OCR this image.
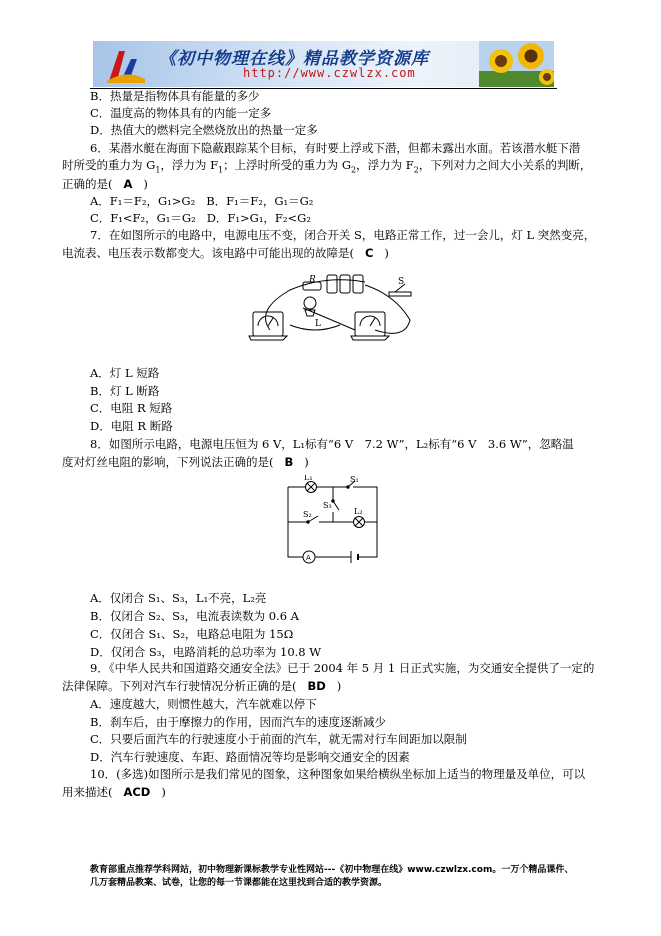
《初中物理在线》精品教学资源库
http://www.czwlzx.com
B．热量是指物体具有能量的多少
C．温度高的物体具有的内能一定多
D．热值大的燃料完全燃烧放出的热量一定多
6．某潜水艇在海面下隐蔽跟踪某个目标，有时要上浮或下潜，但都未露出水面。若该潜水艇下潜
时所受的重力为 $G_1$，浮力为 $F_1$；上浮时所受的重力为 $G_2$，浮力为 $F_2$，下列对力之间大小关系的判断，
正确的是( A )
A．F₁＝F₂，G₁>G₂ B．F₁＝F₂，G₁＝G₂
C．F₁<F₂，G₁＝G₂ D．F₁>G₁，F₂<G₂
7．在如图所示的电路中，电源电压不变，闭合开关 S，电路正常工作，过一会儿，灯 L 突然变亮，
电流表、电压表示数都变大。该电路中可能出现的故障是( C )
L
R	S
A．灯 L 短路
B．灯 L 断路
C．电阻 R 短路
D．电阻 R 断路
8．如图所示电路，电源电压恒为 6 V，L₁标有“6 V　7.2 W”，L₂标有“6 V　3.6 W”，忽略温
度对灯丝电阻的影响，下列说法正确的是( B )
L₁	S₁
S₂
S₃
L₂
A
A．仅闭合 S₁、S₃，L₁不亮，L₂亮
B．仅闭合 S₂、S₃，电流表读数为 0.6 A
C．仅闭合 S₁、S₂，电路总电阻为 15Ω
D．仅闭合 S₃，电路消耗的总功率为 10.8 W
9．《中华人民共和国道路交通安全法》已于 2004 年 5 月 1 日正式实施，为交通安全提供了一定的
法律保障。下列对汽车行驶情况分析正确的是( BD )
A．速度越大，则惯性越大，汽车就难以停下
B．刹车后，由于摩擦力的作用，因而汽车的速度逐渐减少
C．只要后面汽车的行驶速度小于前面的汽车，就无需对行车间距加以限制
D．汽车行驶速度、车距、路面情况等均是影响交通安全的因素
10．(多选)如图所示是我们常见的图象，这种图象如果给横纵坐标加上适当的物理量及单位，可以
用来描述( ACD )
教育部重点推荐学科网站，初中物理新课标教学专业性网站---《初中物理在线》www.czwlzx.com。一万个精品课件、
几万套精品教案、试卷，让您的每一节课都能在这里找到合适的教学资源。
